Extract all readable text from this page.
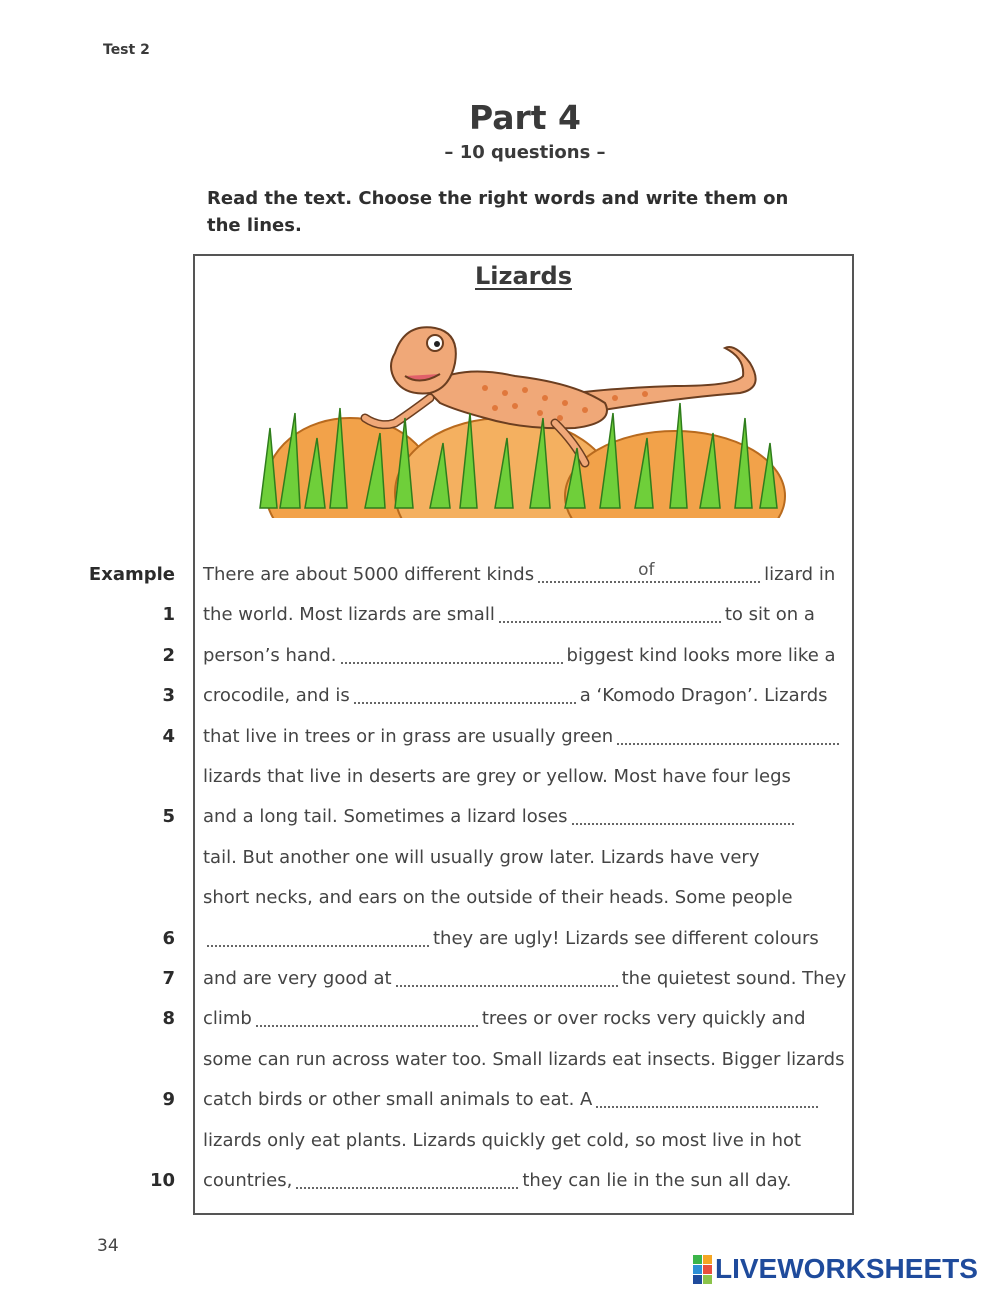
Test 2
Part 4
– 10 questions –
Read the text. Choose the right words and write them on the lines.
Lizards
Example There are about 5000 different kinds	of	lizard in
1 the world. Most lizards are small	to sit on a
2 person’s hand.	biggest kind looks more like a
3 crocodile, and is	a ‘Komodo Dragon’. Lizards
4 that live in trees or in grass are usually green
lizards that live in deserts are grey or yellow. Most have four legs
5 and a long tail. Sometimes a lizard loses
tail. But another one will usually grow later. Lizards have very
short necks, and ears on the outside of their heads. Some people
6	they are ugly! Lizards see different colours
7 and are very good at	the quietest sound. They
8 climb	trees or over rocks very quickly and
some can run across water too. Small lizards eat insects. Bigger lizards
9 catch birds or other small animals to eat. A
lizards only eat plants. Lizards quickly get cold, so most live in hot
10 countries,	they can lie in the sun all day.
34
LIVEWORKSHEETS
